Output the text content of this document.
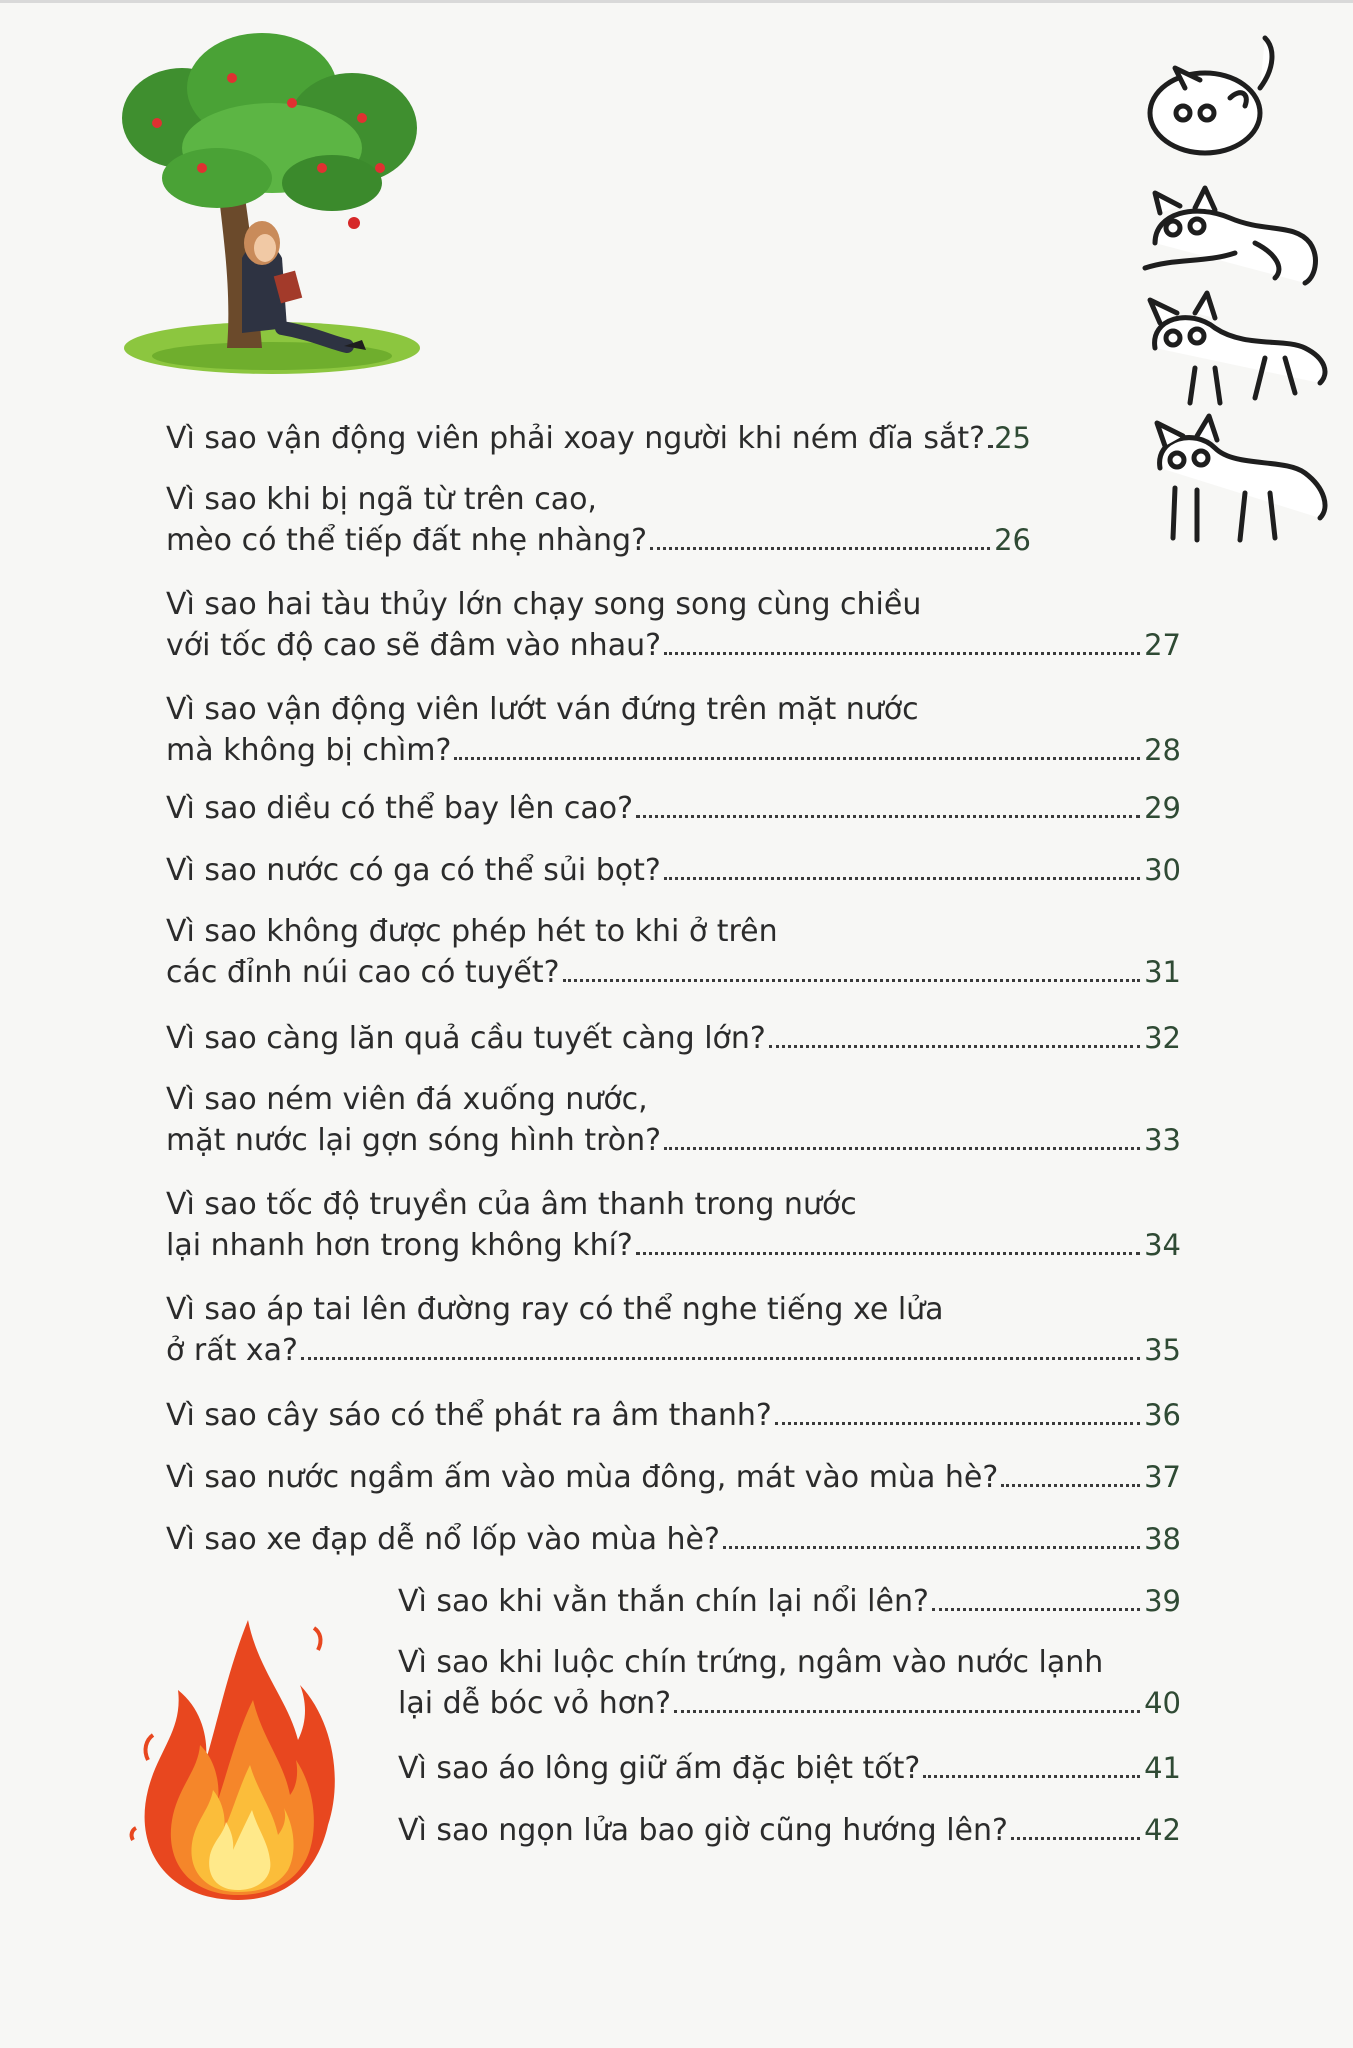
Vì sao vận động viên phải xoay người khi ném đĩa sắt? 25
Vì sao khi bị ngã từ trên cao,
mèo có thể tiếp đất nhẹ nhàng?	26
Vì sao hai tàu thủy lớn chạy song song cùng chiều
với tốc độ cao sẽ đâm vào nhau?	27
Vì sao vận động viên lướt ván đứng trên mặt nước
mà không bị chìm?	28
Vì sao diều có thể bay lên cao?	29
Vì sao nước có ga có thể sủi bọt?	30
Vì sao không được phép hét to khi ở trên
các đỉnh núi cao có tuyết?	31
Vì sao càng lăn quả cầu tuyết càng lớn?	32
Vì sao ném viên đá xuống nước,
mặt nước lại gợn sóng hình tròn?	33
Vì sao tốc độ truyền của âm thanh trong nước
lại nhanh hơn trong không khí?	34
Vì sao áp tai lên đường ray có thể nghe tiếng xe lửa
ở rất xa?	35
Vì sao cây sáo có thể phát ra âm thanh?	36
Vì sao nước ngầm ấm vào mùa đông, mát vào mùa hè?	37
Vì sao xe đạp dễ nổ lốp vào mùa hè?	38
Vì sao khi vằn thắn chín lại nổi lên?	39
Vì sao khi luộc chín trứng, ngâm vào nước lạnh
lại dễ bóc vỏ hơn?	40
Vì sao áo lông giữ ấm đặc biệt tốt?	41
Vì sao ngọn lửa bao giờ cũng hướng lên?	42
